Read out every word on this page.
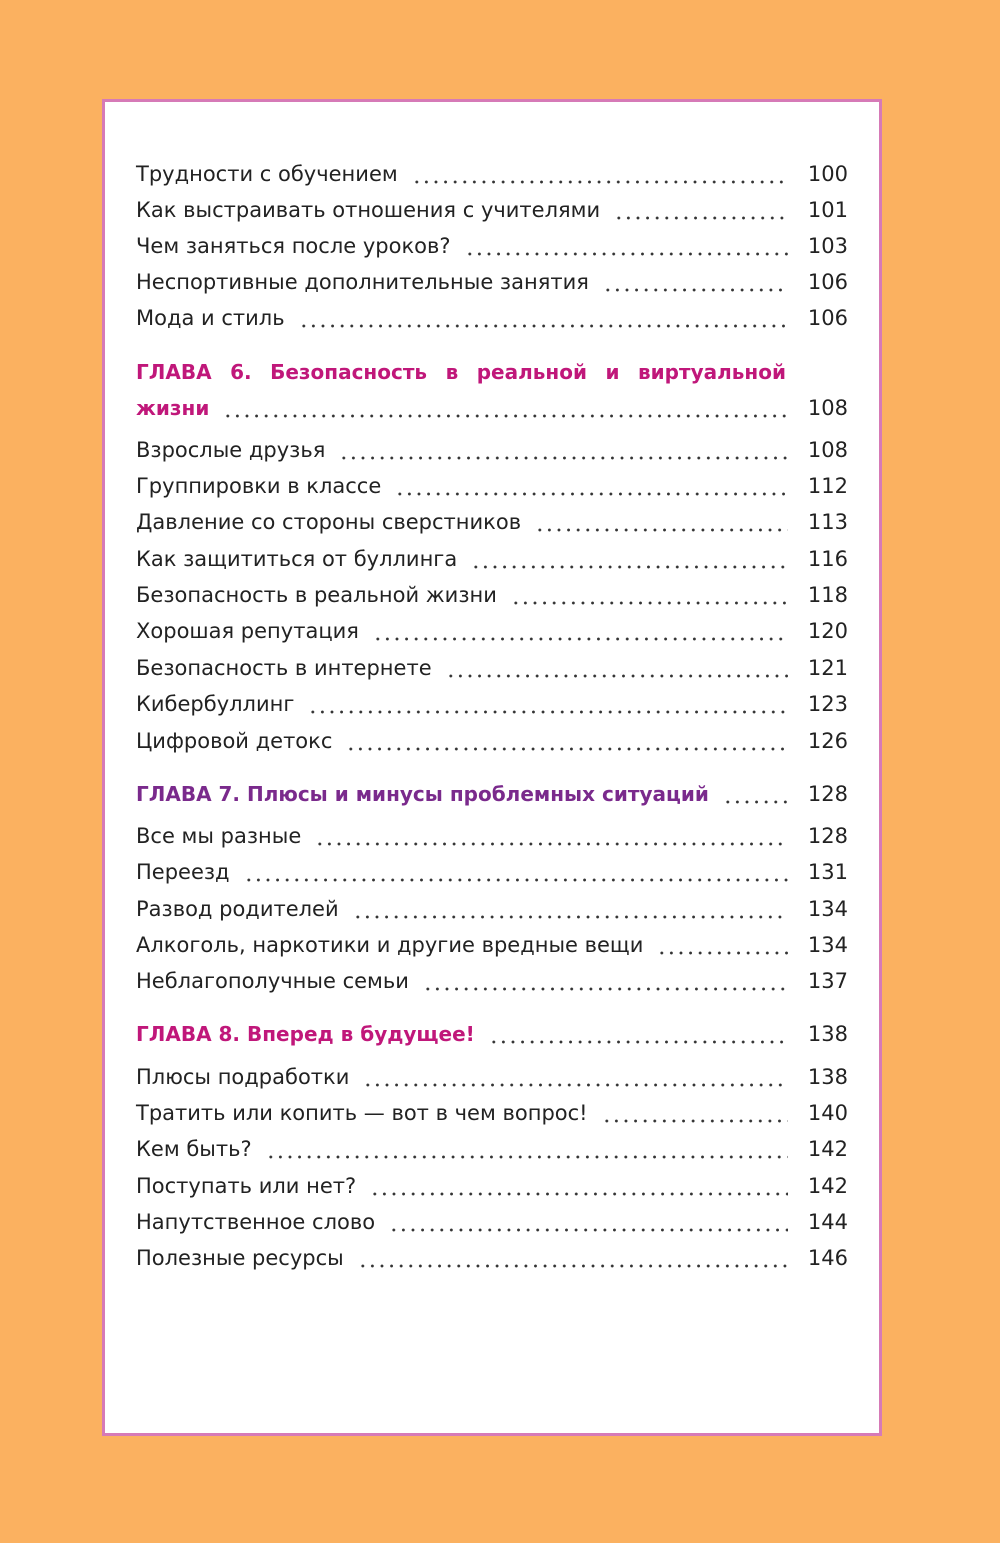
Трудности с обучением	100
Как выстраивать отношения с учителями	101
Чем заняться после уроков?	103
Неспортивные дополнительные занятия	106
Мода и стиль	106
ГЛАВА 6. Безопасность в реальной и виртуальной
жизни	108
Взрослые друзья	108
Группировки в классе	112
Давление со стороны сверстников	113
Как защититься от буллинга	116
Безопасность в реальной жизни	118
Хорошая репутация	120
Безопасность в интернете	121
Кибербуллинг	123
Цифровой детокс	126
ГЛАВА 7. Плюсы и минусы проблемных ситуаций	128
Все мы разные	128
Переезд	131
Развод родителей	134
Алкоголь, наркотики и другие вредные вещи	134
Неблагополучные семьи	137
ГЛАВА 8. Вперед в будущее!	138
Плюсы подработки	138
Тратить или копить — вот в чем вопрос!	140
Кем быть?	142
Поступать или нет?	142
Напутственное слово	144
Полезные ресурсы	146
